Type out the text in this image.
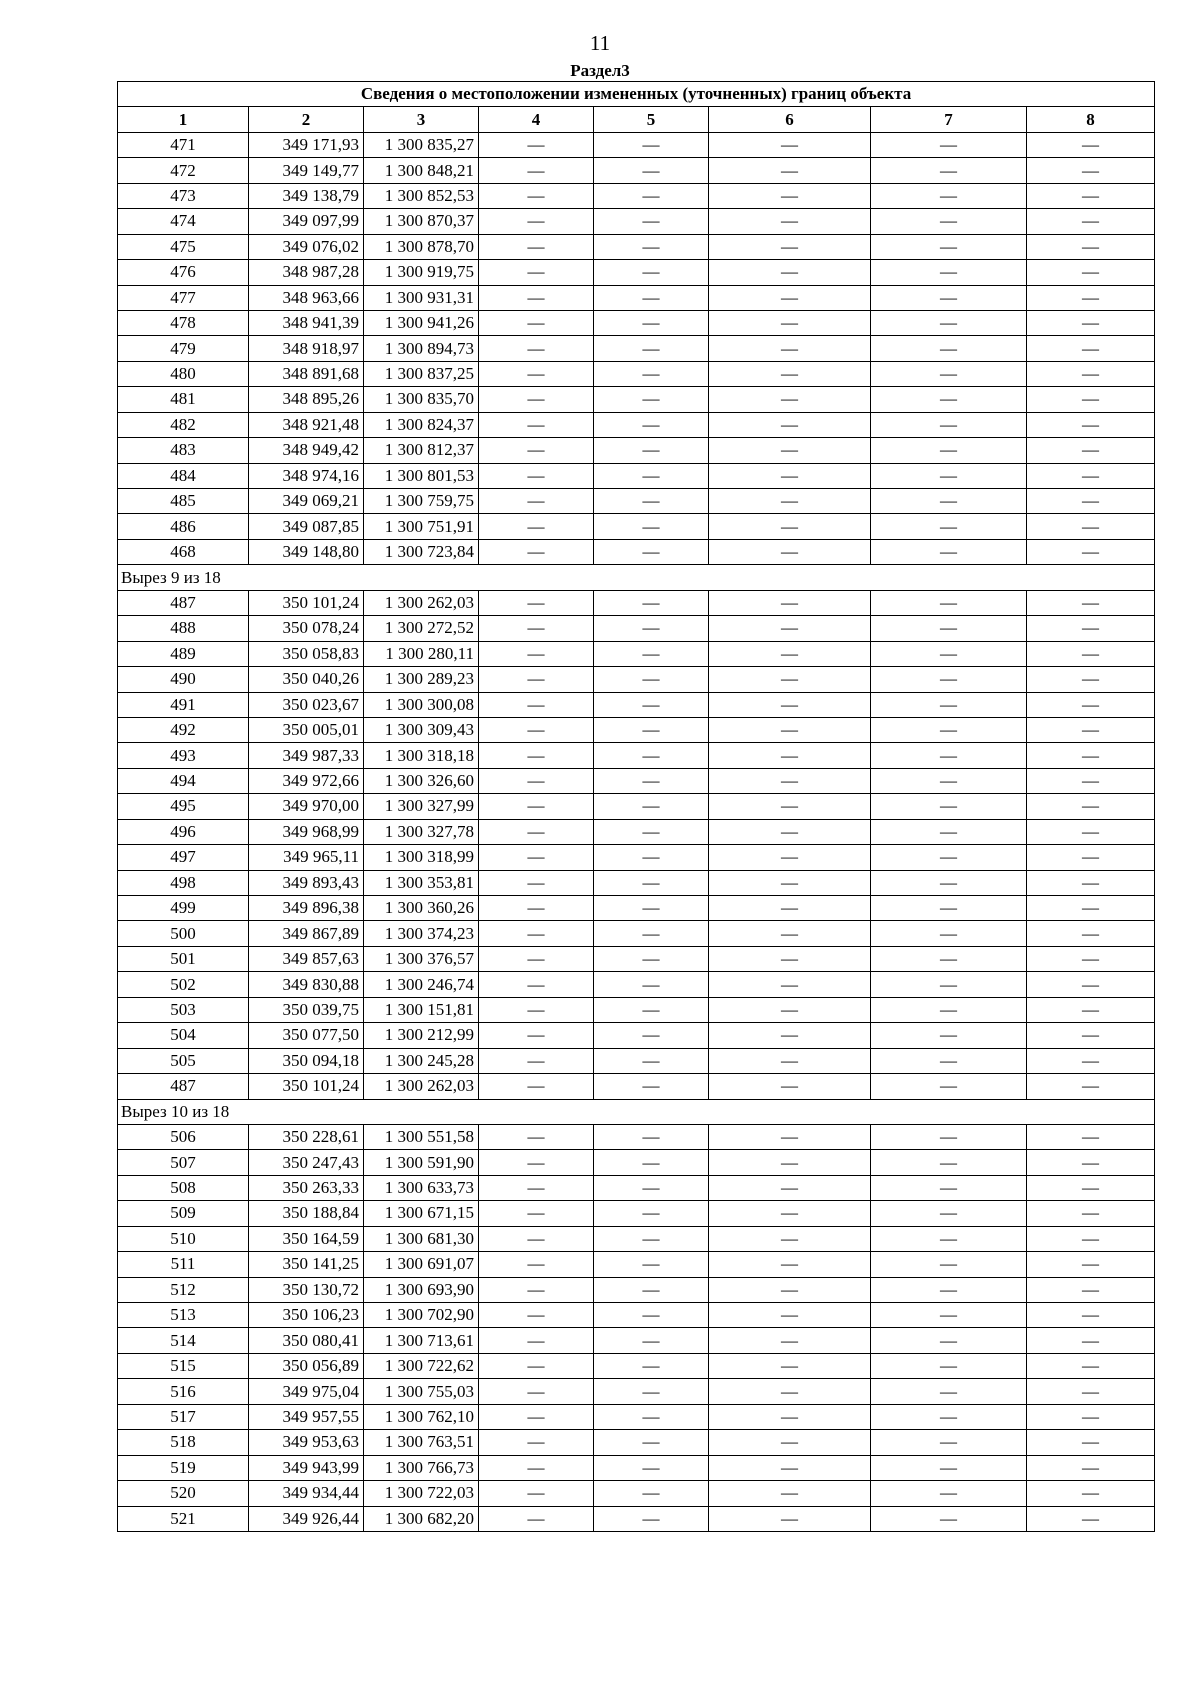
11
Раздел3
Сведения о местоположении измененных (уточненных) границ объекта							
1	2	3	4	5	6	7	8
471	349 171,93	1 300 835,27	—	—	—	—	—
472	349 149,77	1 300 848,21	—	—	—	—	—
473	349 138,79	1 300 852,53	—	—	—	—	—
474	349 097,99	1 300 870,37	—	—	—	—	—
475	349 076,02	1 300 878,70	—	—	—	—	—
476	348 987,28	1 300 919,75	—	—	—	—	—
477	348 963,66	1 300 931,31	—	—	—	—	—
478	348 941,39	1 300 941,26	—	—	—	—	—
479	348 918,97	1 300 894,73	—	—	—	—	—
480	348 891,68	1 300 837,25	—	—	—	—	—
481	348 895,26	1 300 835,70	—	—	—	—	—
482	348 921,48	1 300 824,37	—	—	—	—	—
483	348 949,42	1 300 812,37	—	—	—	—	—
484	348 974,16	1 300 801,53	—	—	—	—	—
485	349 069,21	1 300 759,75	—	—	—	—	—
486	349 087,85	1 300 751,91	—	—	—	—	—
468	349 148,80	1 300 723,84	—	—	—	—	—
Вырез 9 из 18							
487	350 101,24	1 300 262,03	—	—	—	—	—
488	350 078,24	1 300 272,52	—	—	—	—	—
489	350 058,83	1 300 280,11	—	—	—	—	—
490	350 040,26	1 300 289,23	—	—	—	—	—
491	350 023,67	1 300 300,08	—	—	—	—	—
492	350 005,01	1 300 309,43	—	—	—	—	—
493	349 987,33	1 300 318,18	—	—	—	—	—
494	349 972,66	1 300 326,60	—	—	—	—	—
495	349 970,00	1 300 327,99	—	—	—	—	—
496	349 968,99	1 300 327,78	—	—	—	—	—
497	349 965,11	1 300 318,99	—	—	—	—	—
498	349 893,43	1 300 353,81	—	—	—	—	—
499	349 896,38	1 300 360,26	—	—	—	—	—
500	349 867,89	1 300 374,23	—	—	—	—	—
501	349 857,63	1 300 376,57	—	—	—	—	—
502	349 830,88	1 300 246,74	—	—	—	—	—
503	350 039,75	1 300 151,81	—	—	—	—	—
504	350 077,50	1 300 212,99	—	—	—	—	—
505	350 094,18	1 300 245,28	—	—	—	—	—
487	350 101,24	1 300 262,03	—	—	—	—	—
Вырез 10 из 18							
506	350 228,61	1 300 551,58	—	—	—	—	—
507	350 247,43	1 300 591,90	—	—	—	—	—
508	350 263,33	1 300 633,73	—	—	—	—	—
509	350 188,84	1 300 671,15	—	—	—	—	—
510	350 164,59	1 300 681,30	—	—	—	—	—
511	350 141,25	1 300 691,07	—	—	—	—	—
512	350 130,72	1 300 693,90	—	—	—	—	—
513	350 106,23	1 300 702,90	—	—	—	—	—
514	350 080,41	1 300 713,61	—	—	—	—	—
515	350 056,89	1 300 722,62	—	—	—	—	—
516	349 975,04	1 300 755,03	—	—	—	—	—
517	349 957,55	1 300 762,10	—	—	—	—	—
518	349 953,63	1 300 763,51	—	—	—	—	—
519	349 943,99	1 300 766,73	—	—	—	—	—
520	349 934,44	1 300 722,03	—	—	—	—	—
521	349 926,44	1 300 682,20	—	—	—	—	—
